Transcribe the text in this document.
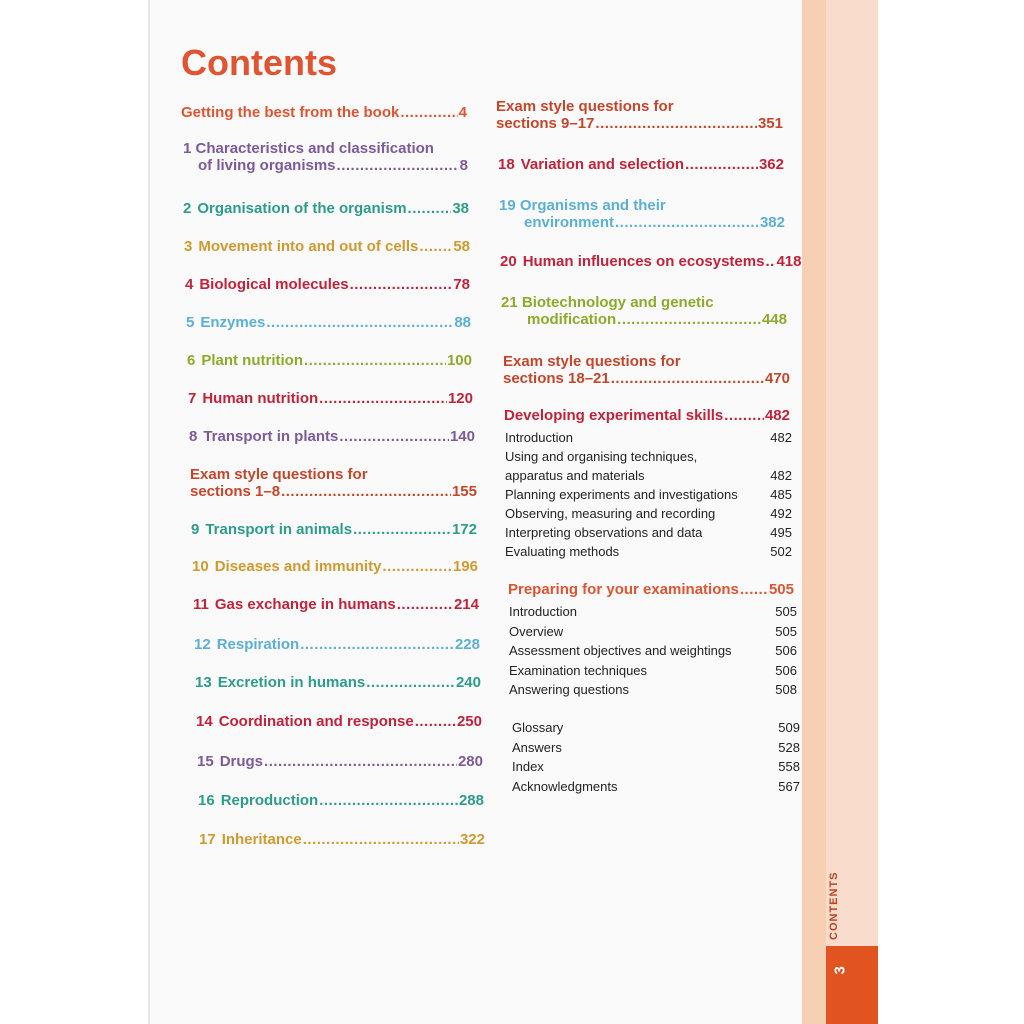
CONTENTS
3
Contents
Getting the best from the book .....	4
1 Characteristics and classification
of living organisms .....	8
2 Organisation of the organism .....	38
3 Movement into and out of cells ..... 58
4 Biological molecules .....	78
5 Enzymes .....	88
6 Plant nutrition .....	100
7 Human nutrition .....	120
8 Transport in plants .....	140
Exam style questions for
sections 1–8 .....	155
9 Transport in animals .....	172
10 Diseases and immunity .....	196
11 Gas exchange in humans .....	214
12 Respiration .....	228
13 Excretion in humans .....	240
14 Coordination and response .....	250
15 Drugs .....	280
16 Reproduction .....	288
17 Inheritance .....	322
Exam style questions for
sections 9–17 .....	351
18 Variation and selection .....	362
19 Organisms and their
environment .....	382
20 Human influences on ecosystems ..... 418
21 Biotechnology and genetic
modification .....	448
Exam style questions for
sections 18–21 .....	470
Developing experimental skills .....	482
Introduction	482
Using and organising techniques,
apparatus and materials	482
Planning experiments and investigations	485
Observing, measuring and recording	492
Interpreting observations and data	495
Evaluating methods	502
Preparing for your examinations ..... 505
Introduction	505
Overview	505
Assessment objectives and weightings	506
Examination techniques	506
Answering questions	508
Glossary	509
Answers	528
Index	558
Acknowledgments	567
